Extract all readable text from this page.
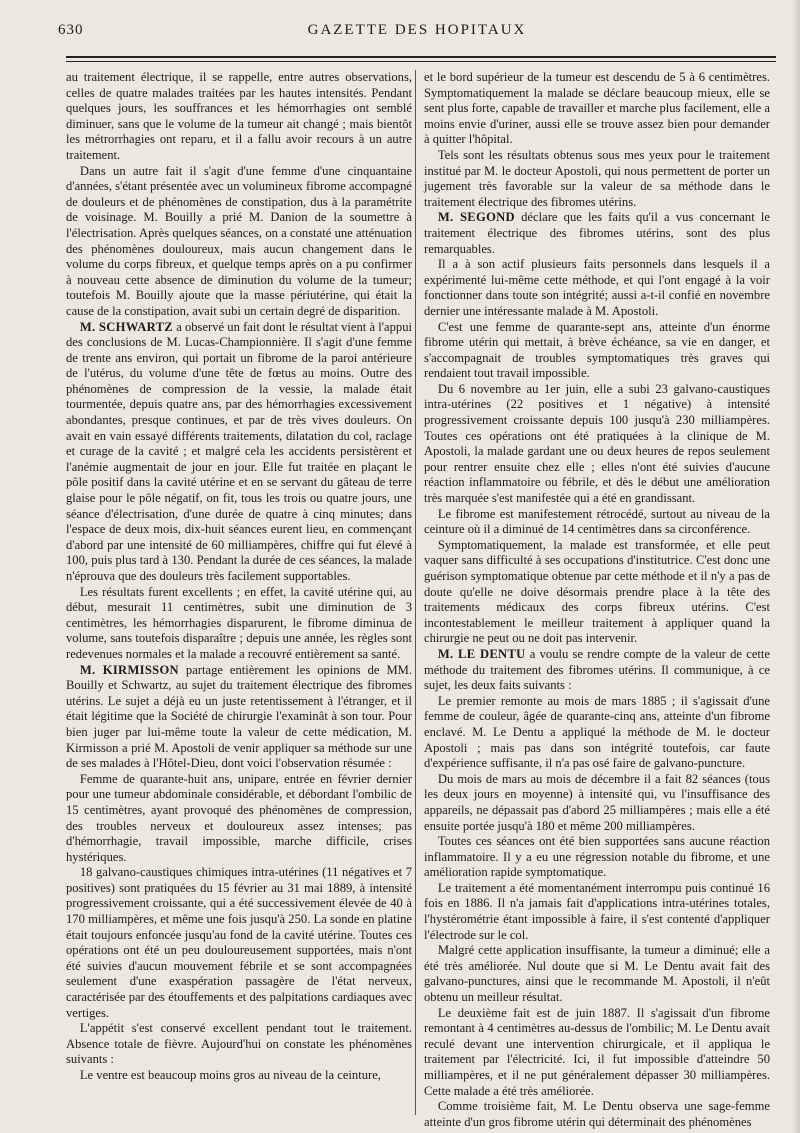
630	GAZETTE DES HOPITAUX

au traitement électrique, il se rappelle, entre autres observations, celles de quatre malades traitées par les hautes intensités. Pendant quelques jours, les souffrances et les hémorrhagies ont semblé diminuer, sans que le volume de la tumeur ait changé ; mais bientôt les métrorrhagies ont reparu, et il a fallu avoir recours à un autre traitement.

Dans un autre fait il s'agit d'une femme d'une cinquantaine d'années, s'étant présentée avec un volumineux fibrome accompagné de douleurs et de phénomènes de constipation, dus à la paramétrite de voisinage. M. Bouilly a prié M. Danion de la soumettre à l'électrisation. Après quelques séances, on a constaté une atténuation des phénomènes douloureux, mais aucun changement dans le volume du corps fibreux, et quelque temps après on a pu confirmer à nouveau cette absence de diminution du volume de la tumeur; toutefois M. Bouilly ajoute que la masse périutérine, qui était la cause de la constipation, avait subi un certain degré de disparition.

M. SCHWARTZ a observé un fait dont le résultat vient à l'appui des conclusions de M. Lucas-Championnière. Il s'agit d'une femme de trente ans environ, qui portait un fibrome de la paroi antérieure de l'utérus, du volume d'une tête de fœtus au moins. Outre des phénomènes de compression de la vessie, la malade était tourmentée, depuis quatre ans, par des hémorrhagies excessivement abondantes, presque continues, et par de très vives douleurs. On avait en vain essayé différents traitements, dilatation du col, raclage et curage de la cavité ; et malgré cela les accidents persistèrent et l'anémie augmentait de jour en jour. Elle fut traitée en plaçant le pôle positif dans la cavité utérine et en se servant du gâteau de terre glaise pour le pôle négatif, on fit, tous les trois ou quatre jours, une séance d'électrisation, d'une durée de quatre à cinq minutes; dans l'espace de deux mois, dix-huit séances eurent lieu, en commençant d'abord par une intensité de 60 milliampères, chiffre qui fut élevé à 100, puis plus tard à 130. Pendant la durée de ces séances, la malade n'éprouva que des douleurs très facilement supportables.

Les résultats furent excellents ; en effet, la cavité utérine qui, au début, mesurait 11 centimètres, subit une diminution de 3 centimètres, les hémorrhagies disparurent, le fibrome diminua de volume, sans toutefois disparaître ; depuis une année, les règles sont redevenues normales et la malade a recouvré entièrement sa santé.

M. KIRMISSON partage entièrement les opinions de MM. Bouilly et Schwartz, au sujet du traitement électrique des fibromes utérins. Le sujet a déjà eu un juste retentissement à l'étranger, et il était légitime que la Société de chirurgie l'examinât à son tour. Pour bien juger par lui-même toute la valeur de cette médication, M. Kirmisson a prié M. Apostoli de venir appliquer sa méthode sur une de ses malades à l'Hôtel-Dieu, dont voici l'observation résumée :

Femme de quarante-huit ans, unipare, entrée en février dernier pour une tumeur abdominale considérable, et débordant l'ombilic de 15 centimètres, ayant provoqué des phénomènes de compression, des troubles nerveux et douloureux assez intenses; pas d'hémorrhagie, travail impossible, marche difficile, crises hystériques.

18 galvano-caustiques chimiques intra-utérines (11 négatives et 7 positives) sont pratiquées du 15 février au 31 mai 1889, à intensité progressivement croissante, qui a été successivement élevée de 40 à 170 milliampères, et même une fois jusqu'à 250. La sonde en platine était toujours enfoncée jusqu'au fond de la cavité utérine. Toutes ces opérations ont été un peu douloureusement supportées, mais n'ont été suivies d'aucun mouvement fébrile et se sont accompagnées seulement d'une exaspération passagère de l'état nerveux, caractérisée par des étouffements et des palpitations cardiaques avec vertiges.

L'appétit s'est conservé excellent pendant tout le traitement. Absence totale de fièvre. Aujourd'hui on constate les phénomènes suivants :

Le ventre est beaucoup moins gros au niveau de la ceinture,

et le bord supérieur de la tumeur est descendu de 5 à 6 centimètres. Symptomatiquement la malade se déclare beaucoup mieux, elle se sent plus forte, capable de travailler et marche plus facilement, elle a moins envie d'uriner, aussi elle se trouve assez bien pour demander à quitter l'hôpital.

Tels sont les résultats obtenus sous mes yeux pour le traitement institué par M. le docteur Apostoli, qui nous permettent de porter un jugement très favorable sur la valeur de sa méthode dans le traitement électrique des fibromes utérins.

M. SEGOND déclare que les faits qu'il a vus concernant le traitement électrique des fibromes utérins, sont des plus remarquables.

Il a à son actif plusieurs faits personnels dans lesquels il a expérimenté lui-même cette méthode, et qui l'ont engagé à la voir fonctionner dans toute son intégrité; aussi a-t-il confié en novembre dernier une intéressante malade à M. Apostoli.

C'est une femme de quarante-sept ans, atteinte d'un énorme fibrome utérin qui mettait, à brève échéance, sa vie en danger, et s'accompagnait de troubles symptomatiques très graves qui rendaient tout travail impossible.

Du 6 novembre au 1er juin, elle a subi 23 galvano-caustiques intra-utérines (22 positives et 1 négative) à intensité progressivement croissante depuis 100 jusqu'à 230 milliampères. Toutes ces opérations ont été pratiquées à la clinique de M. Apostoli, la malade gardant une ou deux heures de repos seulement pour rentrer ensuite chez elle ; elles n'ont été suivies d'aucune réaction inflammatoire ou fébrile, et dès le début une amélioration très marquée s'est manifestée qui a été en grandissant.

Le fibrome est manifestement rétrocédé, surtout au niveau de la ceinture où il a diminué de 14 centimètres dans sa circonférence.

Symptomatiquement, la malade est transformée, et elle peut vaquer sans difficulté à ses occupations d'institutrice. C'est donc une guérison symptomatique obtenue par cette méthode et il n'y a pas de doute qu'elle ne doive désormais prendre place à la tête des traitements médicaux des corps fibreux utérins. C'est incontestablement le meilleur traitement à appliquer quand la chirurgie ne peut ou ne doit pas intervenir.

M. LE DENTU a voulu se rendre compte de la valeur de cette méthode du traitement des fibromes utérins. Il communique, à ce sujet, les deux faits suivants :

Le premier remonte au mois de mars 1885 ; il s'agissait d'une femme de couleur, âgée de quarante-cinq ans, atteinte d'un fibrome enclavé. M. Le Dentu a appliqué la méthode de M. le docteur Apostoli ; mais pas dans son intégrité toutefois, car faute d'expérience suffisante, il n'a pas osé faire de galvano-puncture.

Du mois de mars au mois de décembre il a fait 82 séances (tous les deux jours en moyenne) à intensité qui, vu l'insuffisance des appareils, ne dépassait pas d'abord 25 milliampères ; mais elle a été ensuite portée jusqu'à 180 et même 200 milliampères.

Toutes ces séances ont été bien supportées sans aucune réaction inflammatoire. Il y a eu une régression notable du fibrome, et une amélioration rapide symptomatique.

Le traitement a été momentanément interrompu puis continué 16 fois en 1886. Il n'a jamais fait d'applications intra-utérines totales, l'hystérométrie étant impossible à faire, il s'est contenté d'appliquer l'électrode sur le col.

Malgré cette application insuffisante, la tumeur a diminué; elle a été très améliorée. Nul doute que si M. Le Dentu avait fait des galvano-punctures, ainsi que le recommande M. Apostoli, il n'eût obtenu un meilleur résultat.

Le deuxième fait est de juin 1887. Il s'agissait d'un fibrome remontant à 4 centimètres au-dessus de l'ombilic; M. Le Dentu avait reculé devant une intervention chirurgicale, et il appliqua le traitement par l'électricité. Ici, il fut impossible d'atteindre 50 milliampères, et il ne put généralement dépasser 30 milliampères. Cette malade a été très améliorée.

Comme troisième fait, M. Le Dentu observa une sage-femme atteinte d'un gros fibrome utérin qui déterminait des phénomènes
